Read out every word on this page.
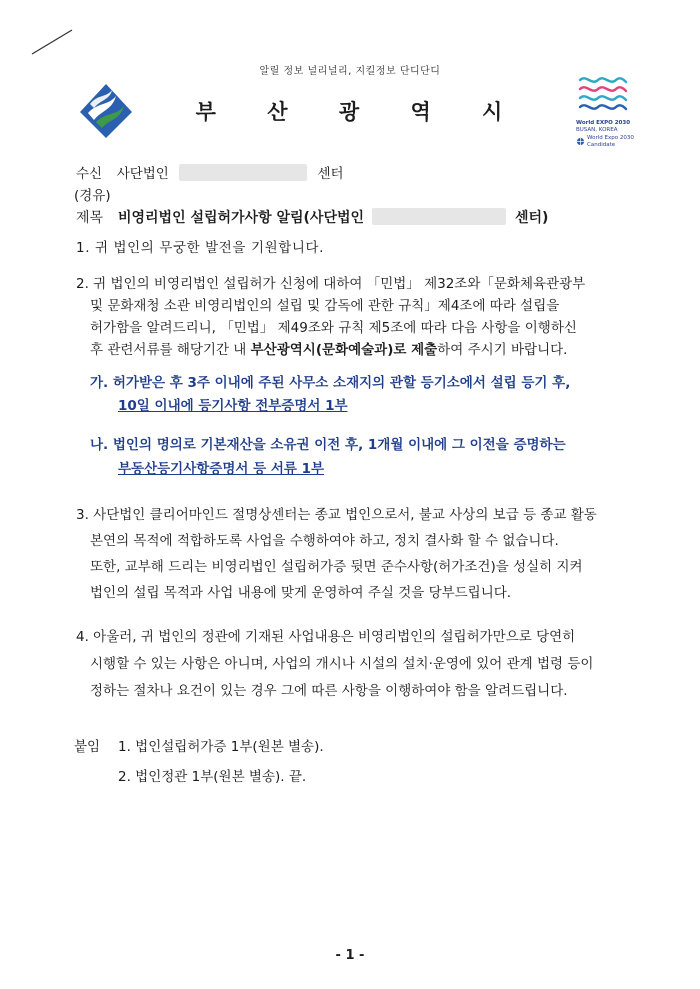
알릴 정보 널리널리, 지킬정보 단디단디
부 산 광 역 시	World EXPO 2030
BUSAN, KOREA
World Expo 2030
Candidate
수신 사단법인	센터
(경유)
제목 비영리법인 설립허가사항 알림(사단법인	센터)
1. 귀 법인의 무궁한 발전을 기원합니다.
2. 귀 법인의 비영리법인 설립허가 신청에 대하여 「민법」 제32조와「문화체육관광부
및 문화재청 소관 비영리법인의 설립 및 감독에 관한 규칙」제4조에 따라 설립을
허가함을 알려드리니, 「민법」 제49조와 규칙 제5조에 따라 다음 사항을 이행하신
후 관련서류를 해당기간 내 부산광역시(문화예술과)로 제출하여 주시기 바랍니다.
가. 허가받은 후 3주 이내에 주된 사무소 소재지의 관할 등기소에서 설립 등기 후,
10일 이내에 등기사항 전부증명서 1부
나. 법인의 명의로 기본재산을 소유권 이전 후, 1개월 이내에 그 이전을 증명하는
부동산등기사항증명서 등 서류 1부
3. 사단법인 클리어마인드 절명상센터는 종교 법인으로서, 불교 사상의 보급 등 종교 활동
본연의 목적에 적합하도록 사업을 수행하여야 하고, 정치 결사화 할 수 없습니다.
또한, 교부해 드리는 비영리법인 설립허가증 뒷면 준수사항(허가조건)을 성실히 지켜
법인의 설립 목적과 사업 내용에 맞게 운영하여 주실 것을 당부드립니다.
4. 아울러, 귀 법인의 정관에 기재된 사업내용은 비영리법인의 설립허가만으로 당연히
시행할 수 있는 사항은 아니며, 사업의 개시나 시설의 설치·운영에 있어 관계 법령 등이
정하는 절차나 요건이 있는 경우 그에 따른 사항을 이행하여야 함을 알려드립니다.
붙임 1. 법인설립허가증 1부(원본 별송).
2. 법인정관 1부(원본 별송). 끝.
- 1 -
